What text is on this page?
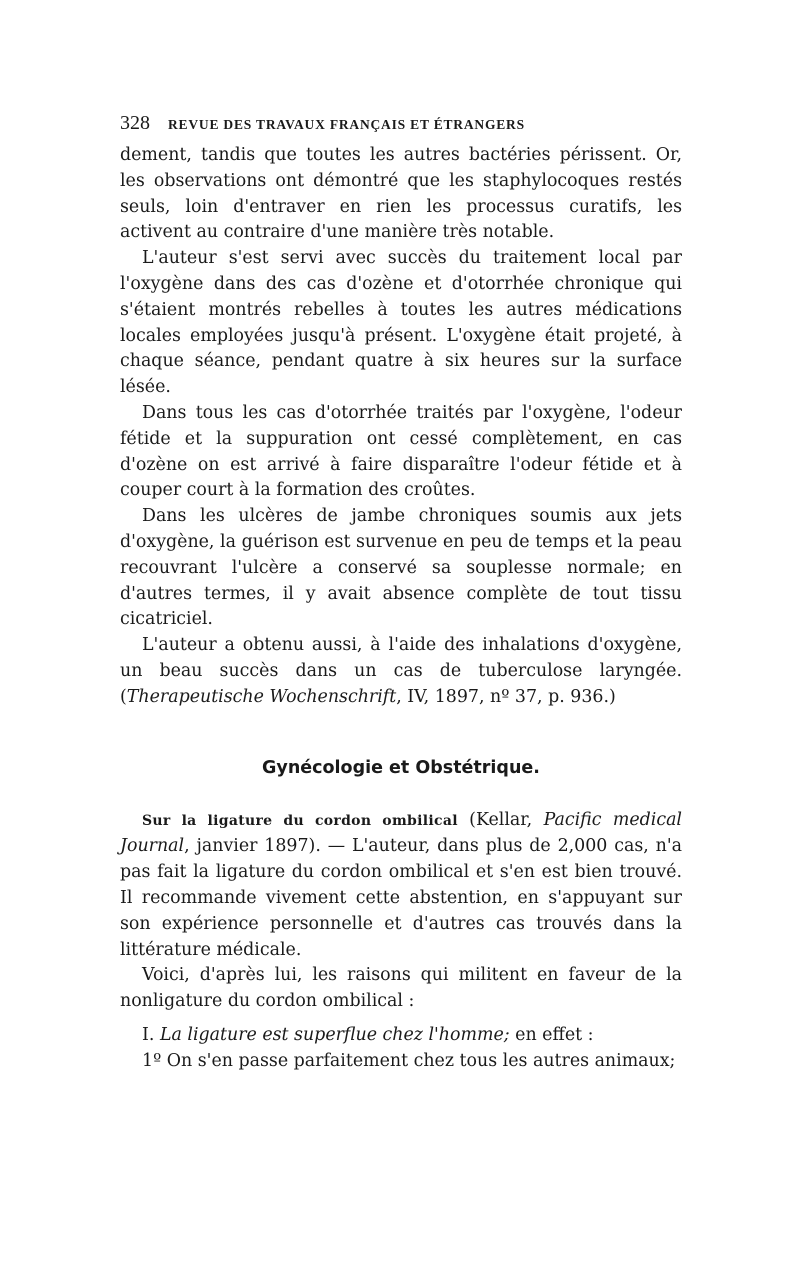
328 REVUE DES TRAVAUX FRANÇAIS ET ÉTRANGERS

dement, tandis que toutes les autres bactéries périssent. Or, les observations ont démontré que les staphylocoques restés seuls, loin d'entraver en rien les processus curatifs, les activent au contraire d'une manière très notable.

L'auteur s'est servi avec succès du traitement local par l'oxygène dans des cas d'ozène et d'otorrhée chronique qui s'étaient montrés rebelles à toutes les autres médications locales employées jusqu'à présent. L'oxygène était projeté, à chaque séance, pendant quatre à six heures sur la surface lésée.

Dans tous les cas d'otorrhée traités par l'oxygène, l'odeur fétide et la suppuration ont cessé complètement, en cas d'ozène on est arrivé à faire disparaître l'odeur fétide et à couper court à la formation des croûtes.

Dans les ulcères de jambe chroniques soumis aux jets d'oxygène, la guérison est survenue en peu de temps et la peau recouvrant l'ulcère a conservé sa souplesse normale; en d'autres termes, il y avait absence complète de tout tissu cicatriciel.

L'auteur a obtenu aussi, à l'aide des inhalations d'oxygène, un beau succès dans un cas de tuberculose laryngée. (Therapeutische Wochenschrift, IV, 1897, nº 37, p. 936.)

Gynécologie et Obstétrique.

Sur la ligature du cordon ombilical (Kellar, Pacific medical Journal, janvier 1897). — L'auteur, dans plus de 2,000 cas, n'a pas fait la ligature du cordon ombilical et s'en est bien trouvé. Il recommande vivement cette abstention, en s'appuyant sur son expérience personnelle et d'autres cas trouvés dans la littérature médicale.

Voici, d'après lui, les raisons qui militent en faveur de la nonligature du cordon ombilical :

I. La ligature est superflue chez l'homme; en effet :

1º On s'en passe parfaitement chez tous les autres animaux;
